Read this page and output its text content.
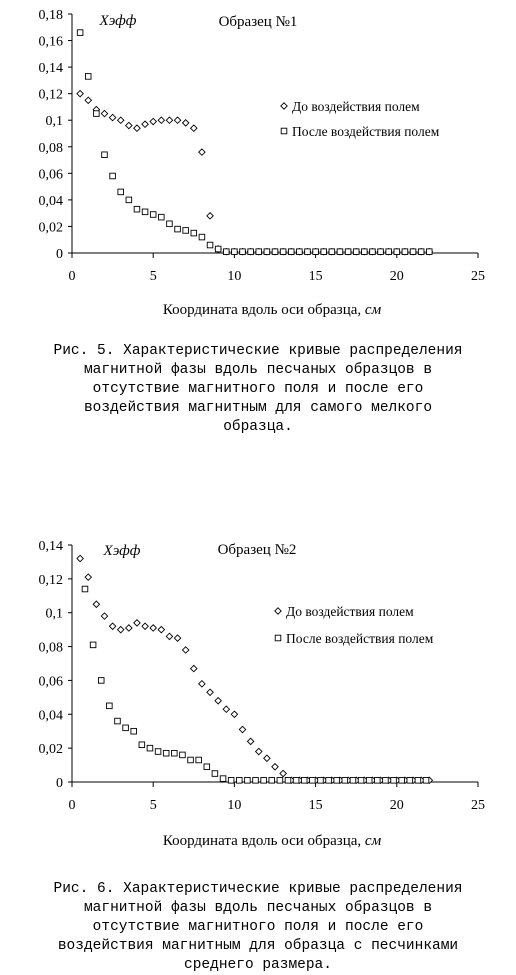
0
0,02
0,04
0,06
0,08
0,1
0,12
0,14
0,16
0,18
0	5	10	15	20	25
Образец №1
Хэфф
Координата вдоль оси образца, см
До воздействия полем
После воздействия полем
Рис. 5. Характеристические кривые распределения
магнитной фазы вдоль песчаных образцов в
отсутствие магнитного поля и после его
воздействия магнитным для самого мелкого
образца.
0
0,02
0,04
0,06
0,08
0,1
0,12
0,14
0	5	10	15	20	25
Образец №2
Хэфф
Координата вдоль оси образца, см
До воздействия полем
После воздействия полем
Рис. 6. Характеристические кривые распределения
магнитной фазы вдоль песчаных образцов в
отсутствие магнитного поля и после его
воздействия магнитным для образца с песчинками
среднего размера.
